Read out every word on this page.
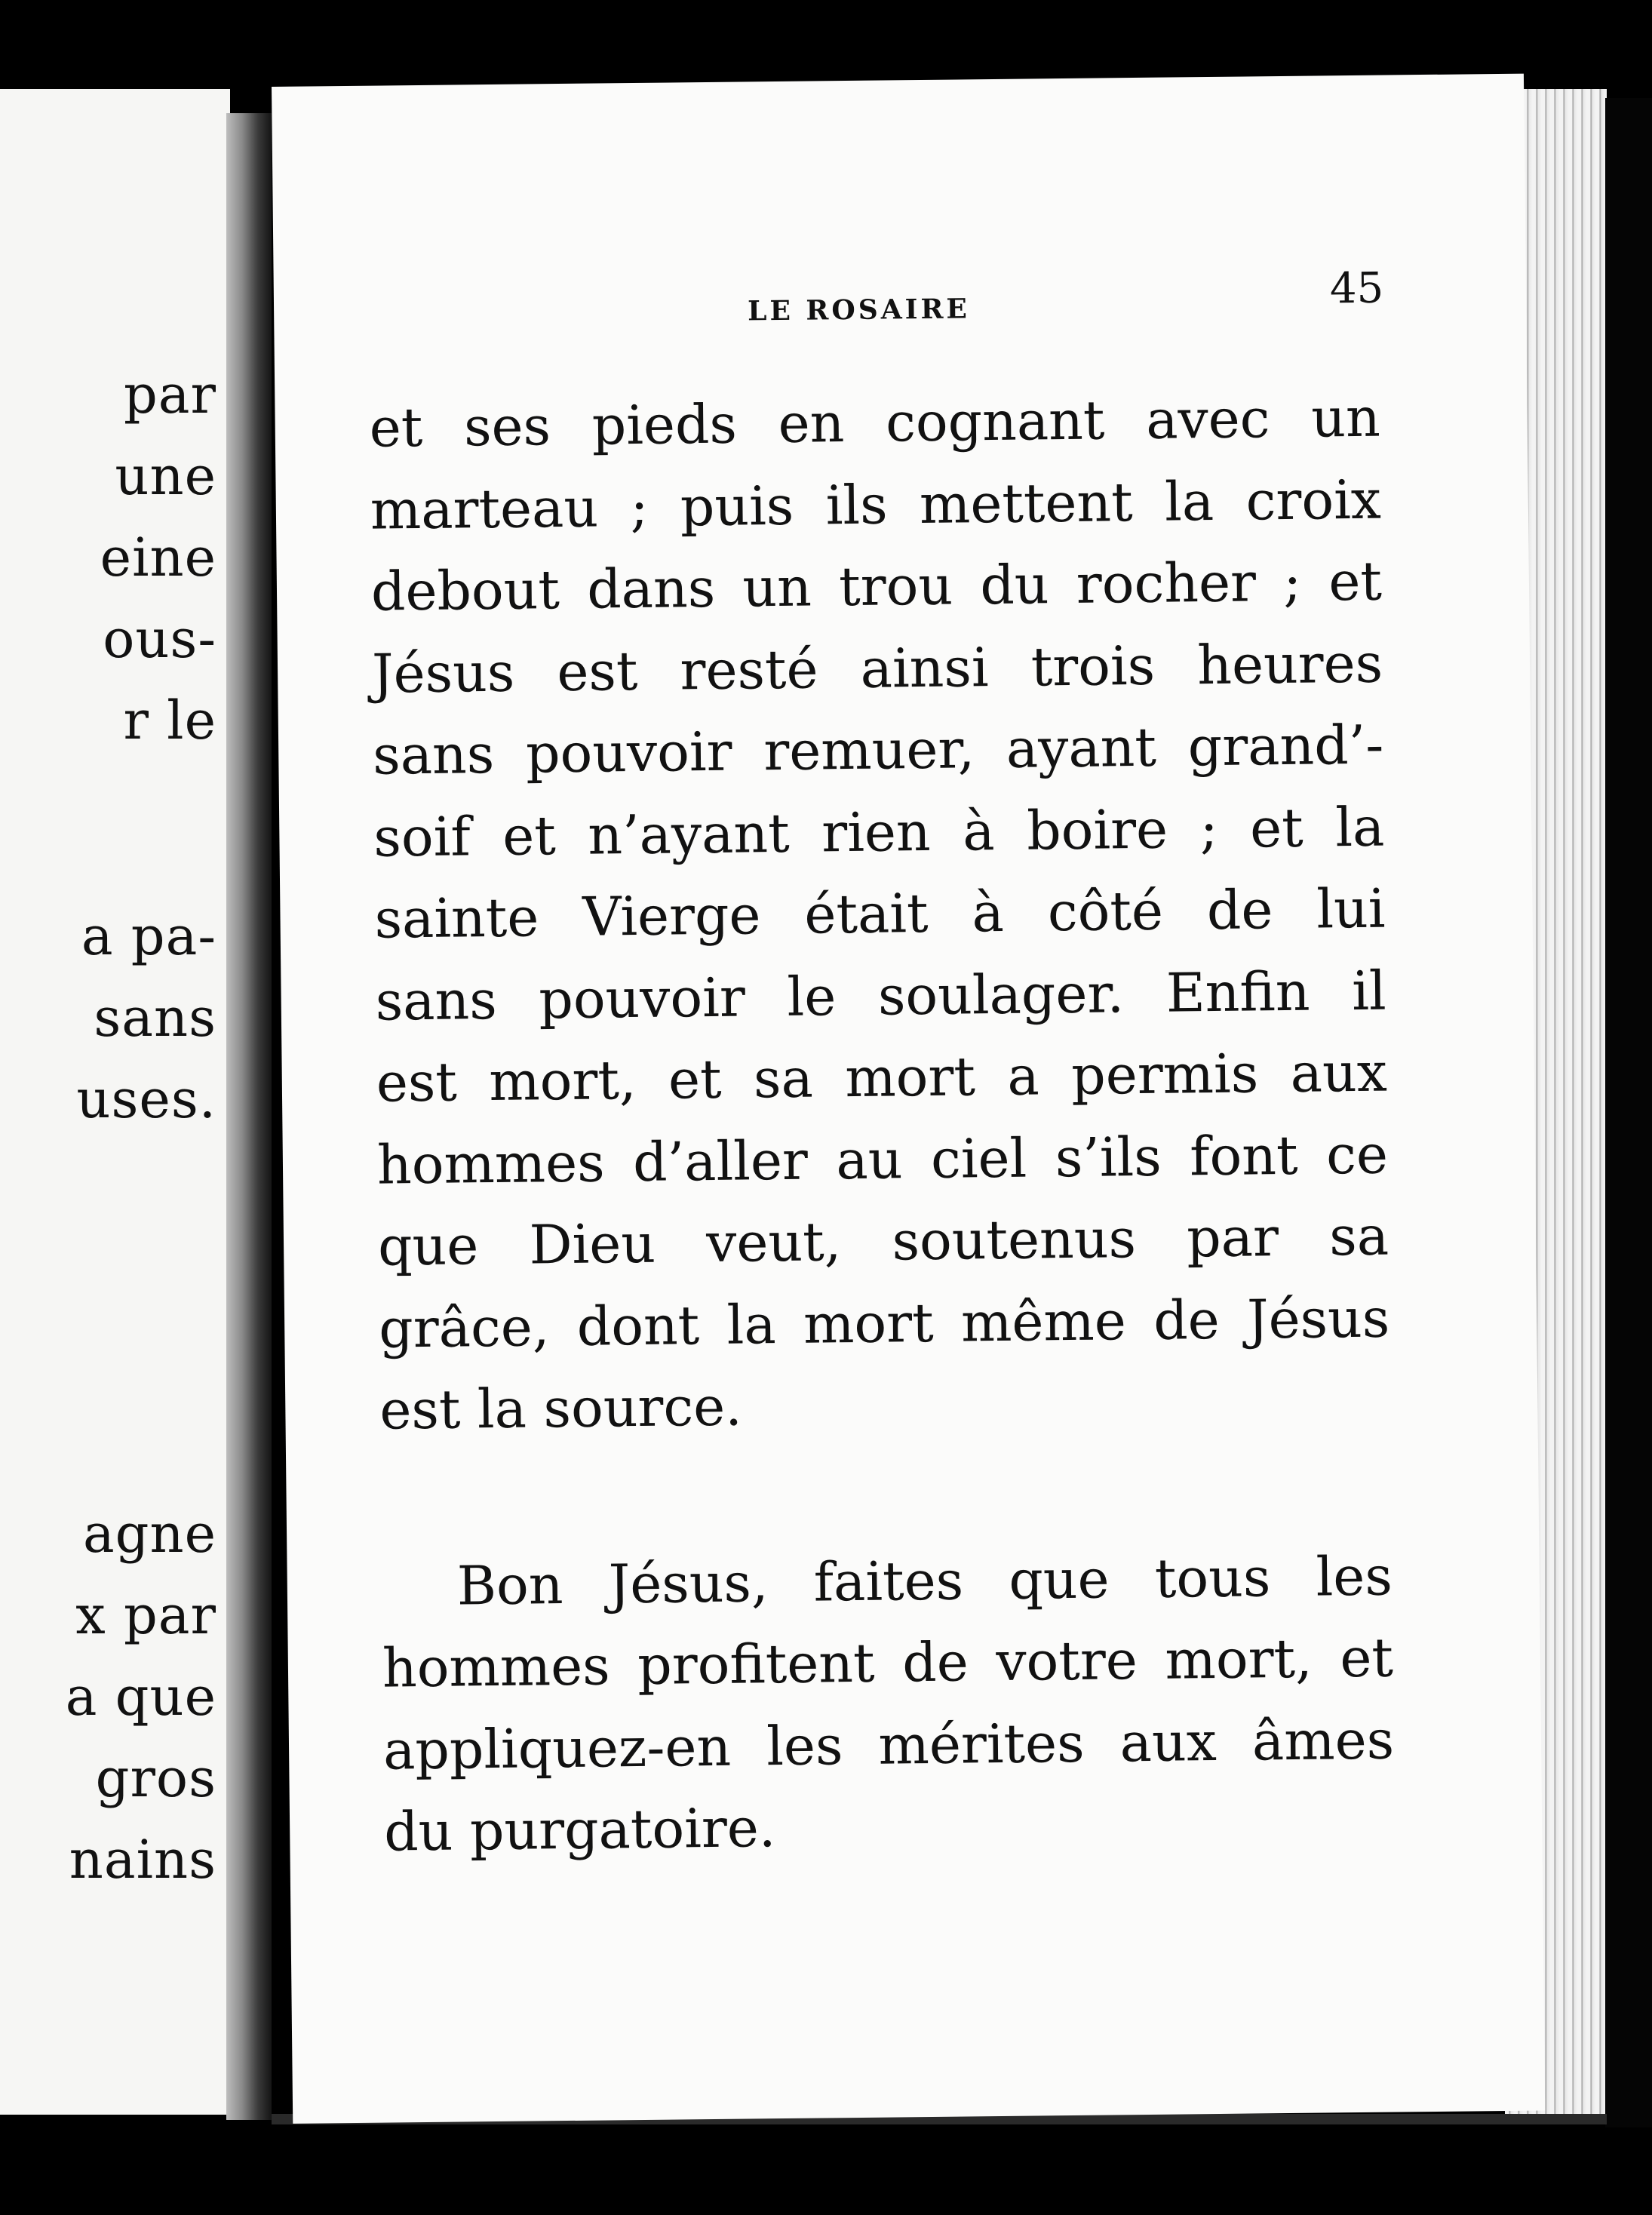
par
une
eine
ous-
r le
a pa-
sans
uses.
agne
x par
a que
gros
nains
LE ROSAIRE	45

et ses pieds en cognant avec un
marteau ; puis ils mettent la croix
debout dans un trou du rocher ; et
Jésus est resté ainsi trois heures
sans pouvoir remuer, ayant grand’-
soif et n’ayant rien à boire ; et la
sainte Vierge était à côté de lui
sans pouvoir le soulager. Enfin il
est mort, et sa mort a permis aux
hommes d’aller au ciel s’ils font ce
que Dieu veut, soutenus par sa
grâce, dont la mort même de Jésus
est la source.

Bon Jésus, faites que tous les
hommes profitent de votre mort, et
appliquez-en les mérites aux âmes
du purgatoire.
